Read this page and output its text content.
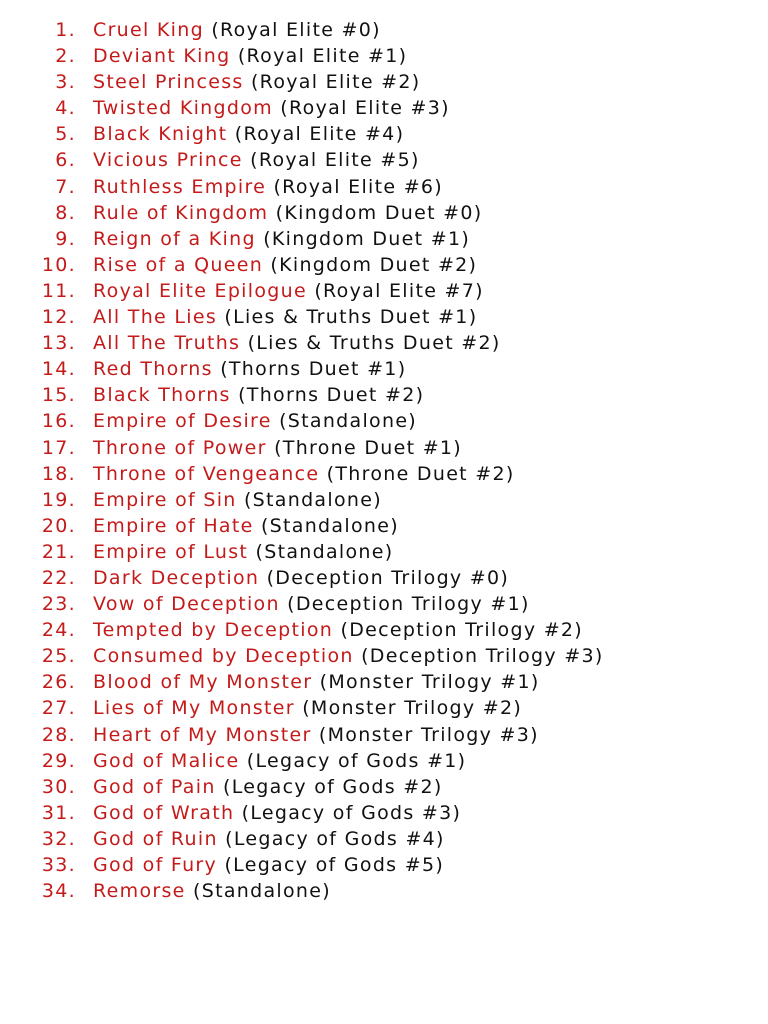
1. Cruel King (Royal Elite #0)
2. Deviant King (Royal Elite #1)
3. Steel Princess (Royal Elite #2)
4. Twisted Kingdom (Royal Elite #3)
5. Black Knight (Royal Elite #4)
6. Vicious Prince (Royal Elite #5)
7. Ruthless Empire (Royal Elite #6)
8. Rule of Kingdom (Kingdom Duet #0)
9. Reign of a King (Kingdom Duet #1)
10. Rise of a Queen (Kingdom Duet #2)
11. Royal Elite Epilogue (Royal Elite #7)
12. All The Lies (Lies & Truths Duet #1)
13. All The Truths (Lies & Truths Duet #2)
14. Red Thorns (Thorns Duet #1)
15. Black Thorns (Thorns Duet #2)
16. Empire of Desire (Standalone)
17. Throne of Power (Throne Duet #1)
18. Throne of Vengeance (Throne Duet #2)
19. Empire of Sin (Standalone)
20. Empire of Hate (Standalone)
21. Empire of Lust (Standalone)
22. Dark Deception (Deception Trilogy #0)
23. Vow of Deception (Deception Trilogy #1)
24. Tempted by Deception (Deception Trilogy #2)
25. Consumed by Deception (Deception Trilogy #3)
26. Blood of My Monster (Monster Trilogy #1)
27. Lies of My Monster (Monster Trilogy #2)
28. Heart of My Monster (Monster Trilogy #3)
29. God of Malice (Legacy of Gods #1)
30. God of Pain (Legacy of Gods #2)
31. God of Wrath (Legacy of Gods #3)
32. God of Ruin (Legacy of Gods #4)
33. God of Fury (Legacy of Gods #5)
34. Remorse (Standalone)
